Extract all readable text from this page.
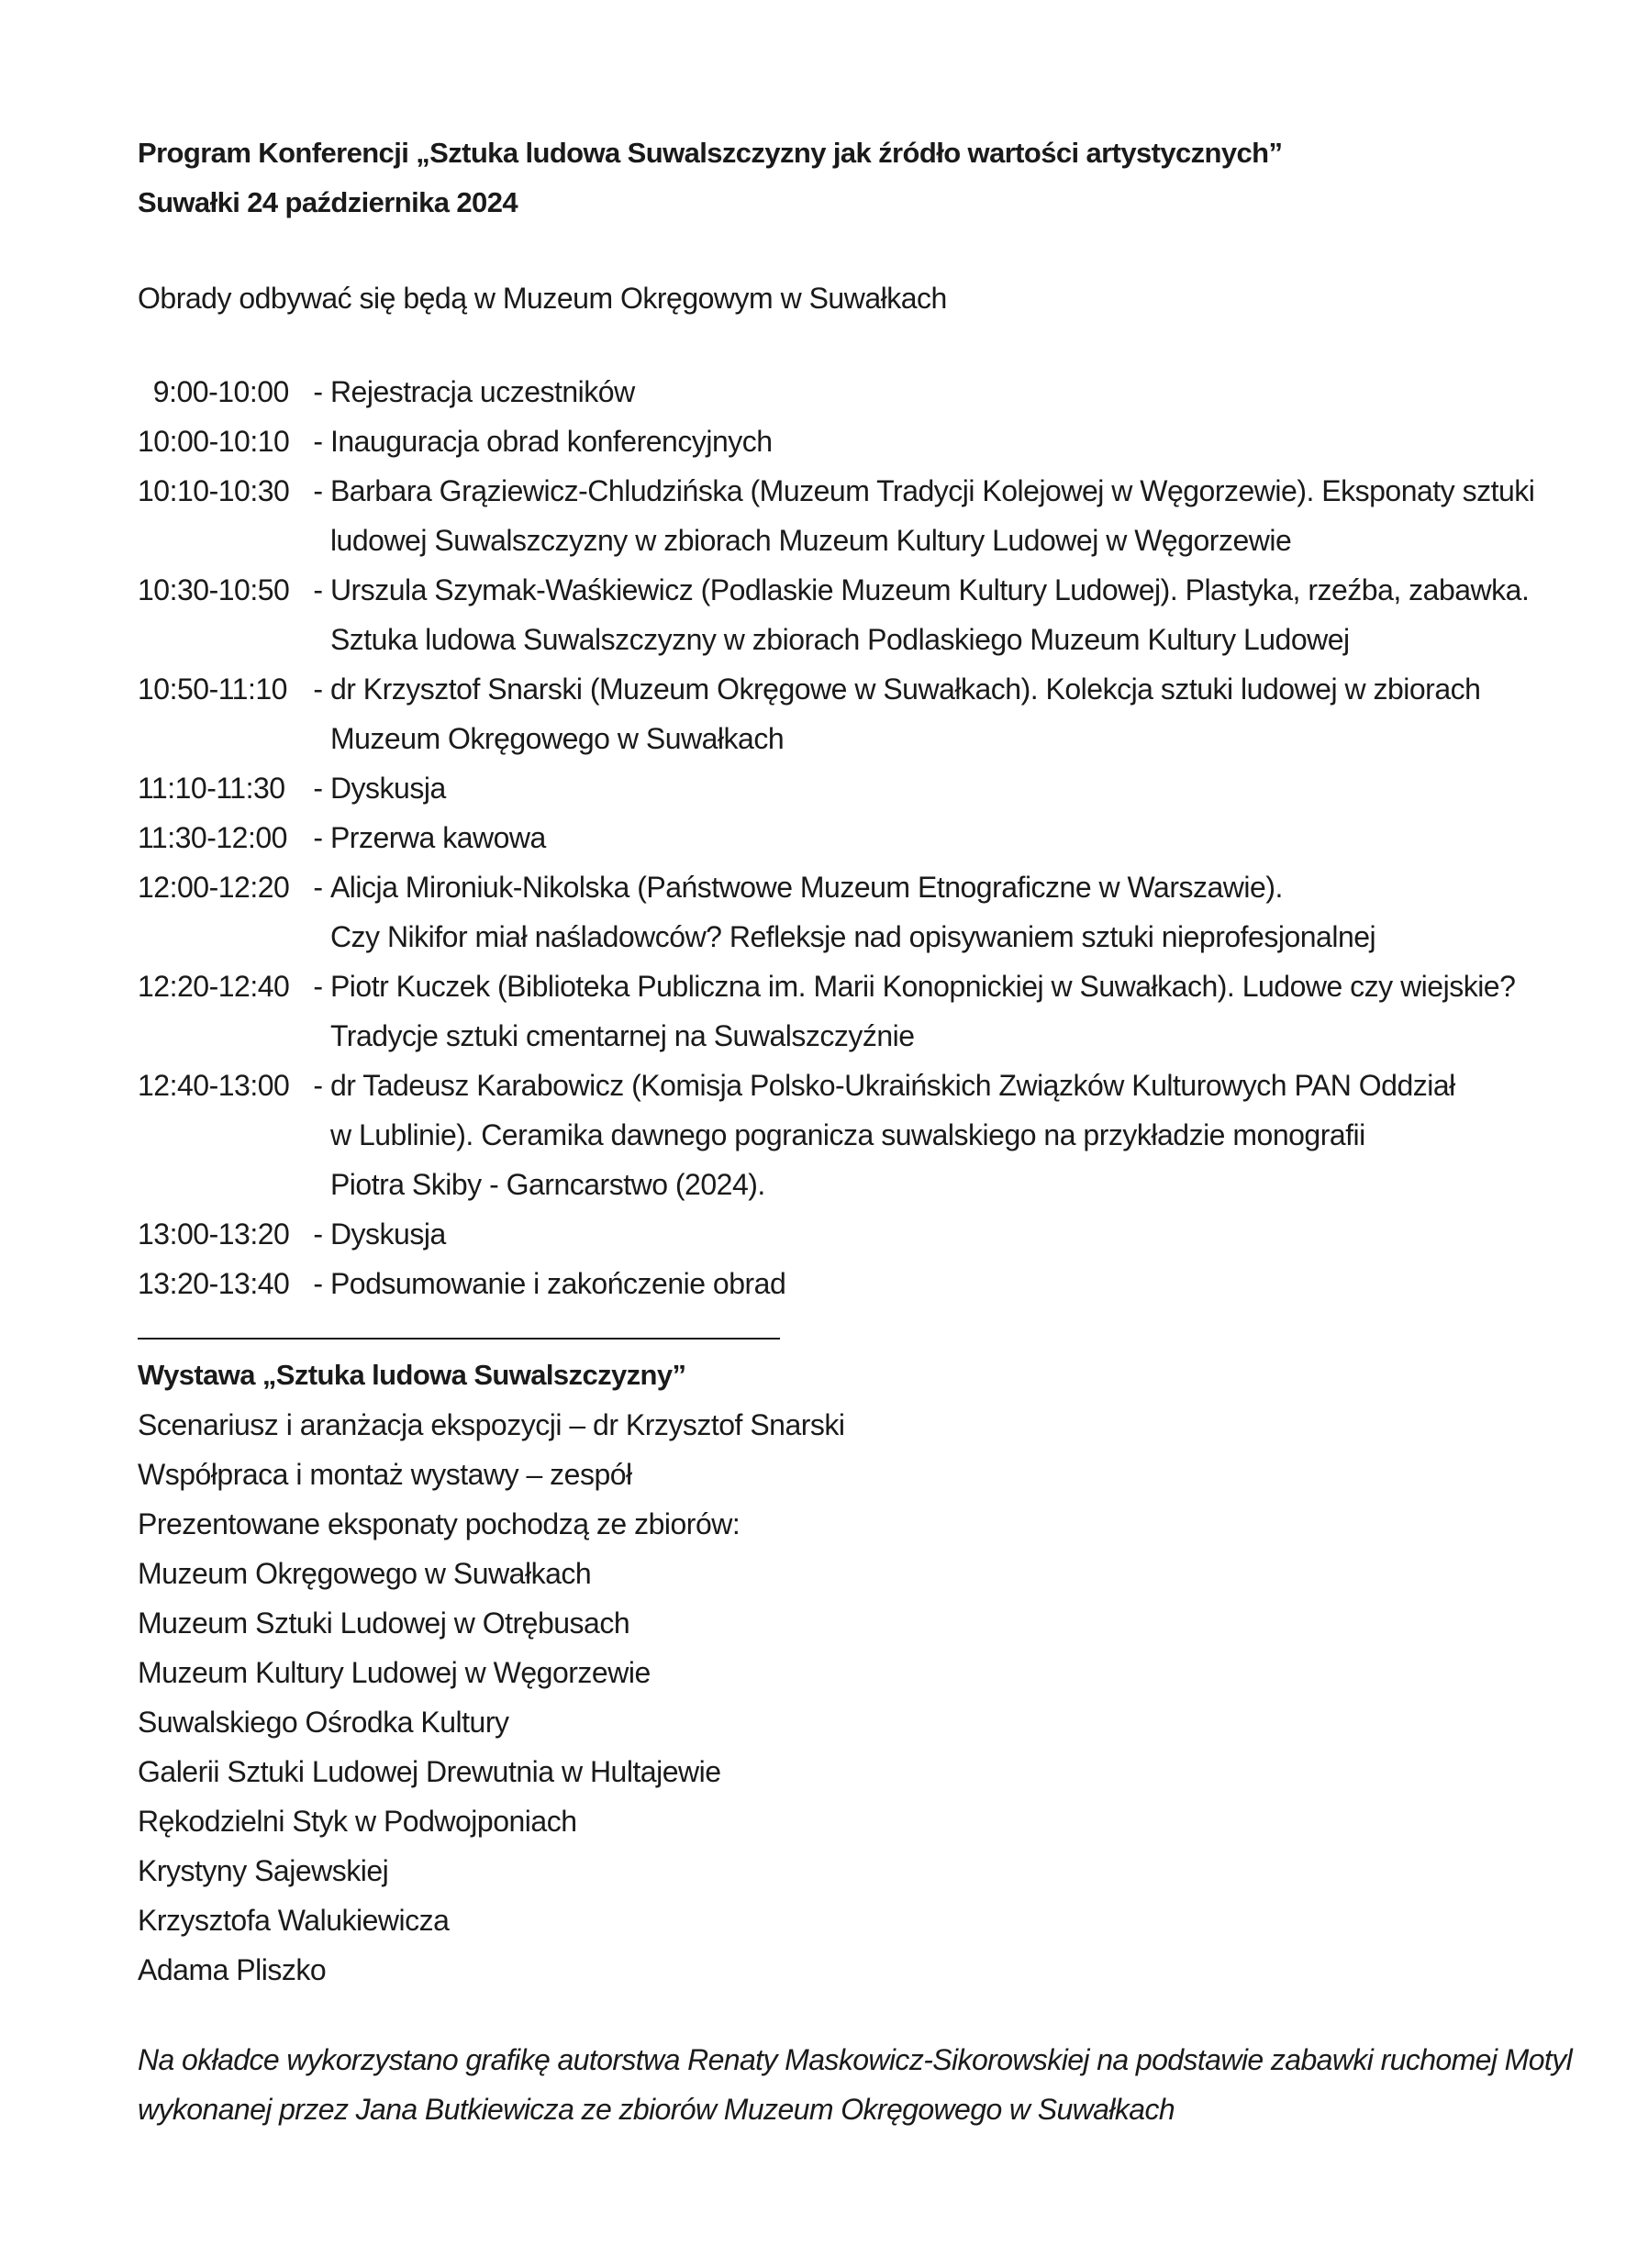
Program Konferencji „Sztuka ludowa Suwalszczyzny jak źródło wartości artystycznych”
Suwałki 24 października 2024
Obrady odbywać się będą w Muzeum Okręgowym w Suwałkach
9:00-10:00 - Rejestracja uczestników
10:00-10:10 - Inauguracja obrad konferencyjnych
10:10-10:30 - Barbara Grąziewicz-Chludzińska (Muzeum Tradycji Kolejowej w Węgorzewie). Eksponaty sztuki
ludowej Suwalszczyzny w zbiorach Muzeum Kultury Ludowej w Węgorzewie
10:30-10:50 - Urszula Szymak-Waśkiewicz (Podlaskie Muzeum Kultury Ludowej). Plastyka, rzeźba, zabawka.
Sztuka ludowa Suwalszczyzny w zbiorach Podlaskiego Muzeum Kultury Ludowej
10:50-11:10 - dr Krzysztof Snarski (Muzeum Okręgowe w Suwałkach). Kolekcja sztuki ludowej w zbiorach
Muzeum Okręgowego w Suwałkach
11:10-11:30 - Dyskusja
11:30-12:00 - Przerwa kawowa
12:00-12:20 - Alicja Mironiuk-Nikolska (Państwowe Muzeum Etnograficzne w Warszawie).
Czy Nikifor miał naśladowców? Refleksje nad opisywaniem sztuki nieprofesjonalnej
12:20-12:40 - Piotr Kuczek (Biblioteka Publiczna im. Marii Konopnickiej w Suwałkach). Ludowe czy wiejskie?
Tradycje sztuki cmentarnej na Suwalszczyźnie
12:40-13:00 - dr Tadeusz Karabowicz (Komisja Polsko-Ukraińskich Związków Kulturowych PAN Oddział
w Lublinie). Ceramika dawnego pogranicza suwalskiego na przykładzie monografii
Piotra Skiby - Garncarstwo (2024).
13:00-13:20 - Dyskusja
13:20-13:40 - Podsumowanie i zakończenie obrad
Wystawa „Sztuka ludowa Suwalszczyzny”
Scenariusz i aranżacja ekspozycji – dr Krzysztof Snarski
Współpraca i montaż wystawy – zespół
Prezentowane eksponaty pochodzą ze zbiorów:
Muzeum Okręgowego w Suwałkach
Muzeum Sztuki Ludowej w Otrębusach
Muzeum Kultury Ludowej w Węgorzewie
Suwalskiego Ośrodka Kultury
Galerii Sztuki Ludowej Drewutnia w Hultajewie
Rękodzielni Styk w Podwojponiach
Krystyny Sajewskiej
Krzysztofa Walukiewicza
Adama Pliszko
Na okładce wykorzystano grafikę autorstwa Renaty Maskowicz-Sikorowskiej na podstawie zabawki ruchomej Motyl
wykonanej przez Jana Butkiewicza ze zbiorów Muzeum Okręgowego w Suwałkach
